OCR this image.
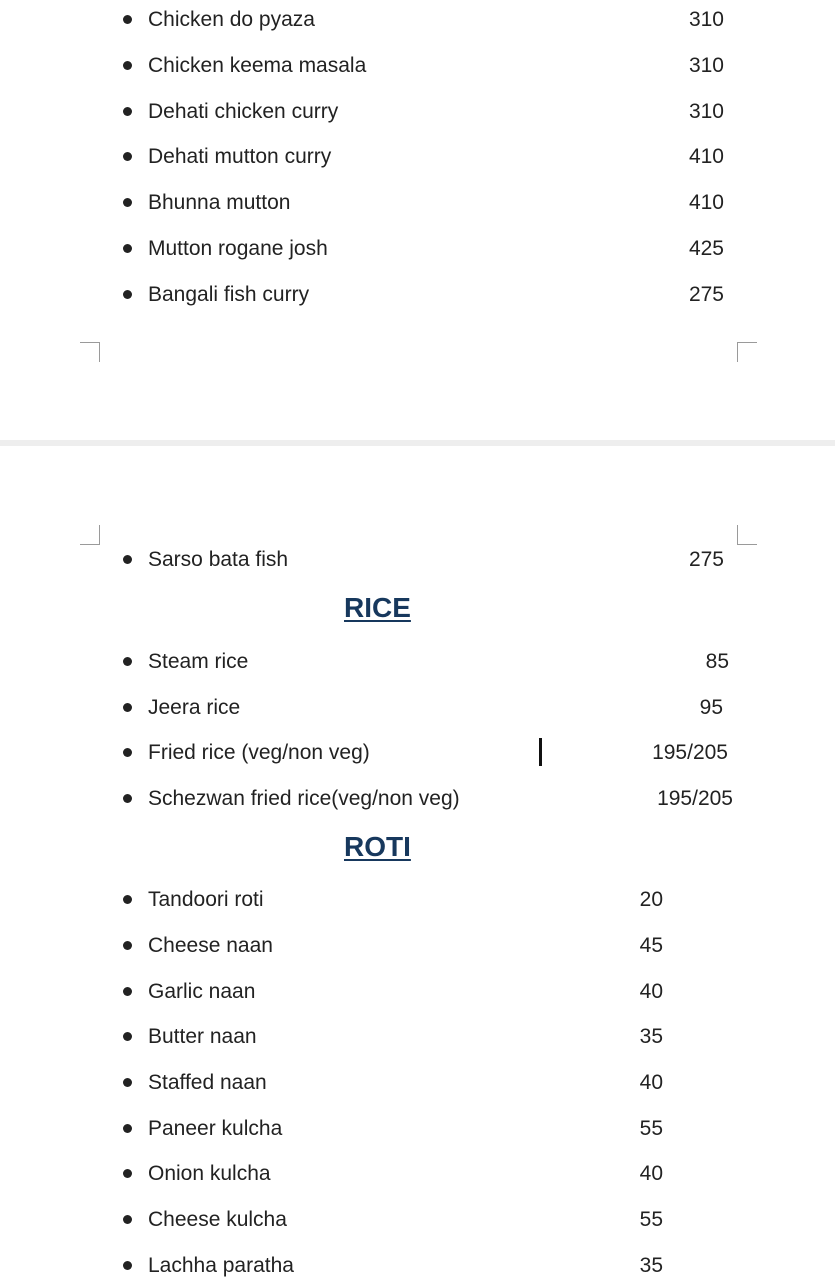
Chicken do pyaza	310
Chicken keema masala	310
Dehati chicken curry	310
Dehati mutton curry	410
Bhunna mutton	410
Mutton rogane josh	425
Bangali fish curry	275
Sarso bata fish	275
RICE
Steam rice	85
Jeera rice	95
Fried rice (veg/non veg)	195/205
Schezwan fried rice(veg/non veg)	195/205
ROTI
Tandoori roti	20
Cheese naan	45
Garlic naan	40
Butter naan	35
Staffed naan	40
Paneer kulcha	55
Onion kulcha	40
Cheese kulcha	55
Lachha paratha	35
